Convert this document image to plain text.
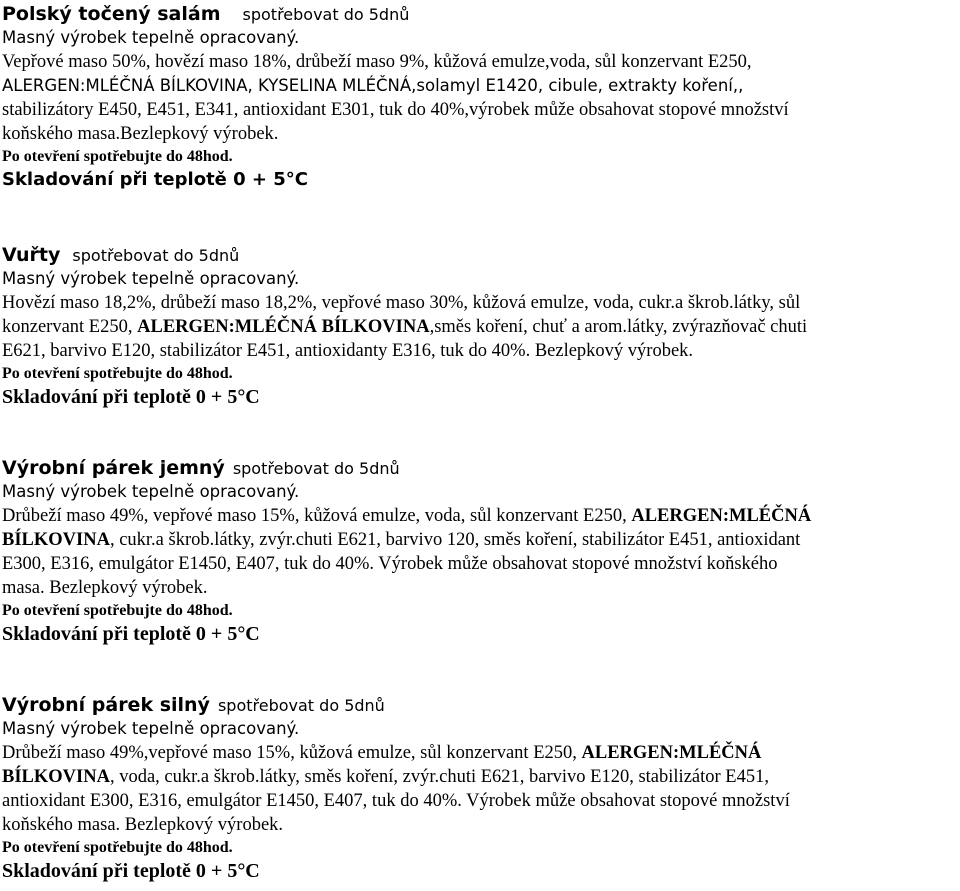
Polský točený salám spotřebovat do 5dnů
Masný výrobek tepelně opracovaný.
Vepřové maso 50%, hovězí maso 18%, drůbeží maso 9%, kůžová emulze,voda, sůl konzervant E250,
ALERGEN:MLÉČNÁ BÍLKOVINA, KYSELINA MLÉČNÁ,solamyl E1420, cibule, extrakty koření,,
stabilizátory E450, E451, E341, antioxidant E301, tuk do 40%,výrobek může obsahovat stopové množství
koňského masa.Bezlepkový výrobek.
Po otevření spotřebujte do 48hod.
Skladování při teplotě 0 + 5°C
Vuřty spotřebovat do 5dnů
Masný výrobek tepelně opracovaný.
Hovězí maso 18,2%, drůbeží maso 18,2%, vepřové maso 30%, kůžová emulze, voda, cukr.a škrob.látky, sůl
konzervant E250, ALERGEN:MLÉČNÁ BÍLKOVINA,směs koření, chuť a arom.látky, zvýrazňovač chuti
E621, barvivo E120, stabilizátor E451, antioxidanty E316, tuk do 40%. Bezlepkový výrobek.
Po otevření spotřebujte do 48hod.
Skladování při teplotě 0 + 5°C
Výrobní párek jemný spotřebovat do 5dnů
Masný výrobek tepelně opracovaný.
Drůbeží maso 49%, vepřové maso 15%, kůžová emulze, voda, sůl konzervant E250, ALERGEN:MLÉČNÁ
BÍLKOVINA, cukr.a škrob.látky, zvýr.chuti E621, barvivo 120, směs koření, stabilizátor E451, antioxidant
E300, E316, emulgátor E1450, E407, tuk do 40%. Výrobek může obsahovat stopové množství koňského
masa. Bezlepkový výrobek.
Po otevření spotřebujte do 48hod.
Skladování při teplotě 0 + 5°C
Výrobní párek silný spotřebovat do 5dnů
Masný výrobek tepelně opracovaný.
Drůbeží maso 49%,vepřové maso 15%, kůžová emulze, sůl konzervant E250, ALERGEN:MLÉČNÁ
BÍLKOVINA, voda, cukr.a škrob.látky, směs koření, zvýr.chuti E621, barvivo E120, stabilizátor E451,
antioxidant E300, E316, emulgátor E1450, E407, tuk do 40%. Výrobek může obsahovat stopové množství
koňského masa. Bezlepkový výrobek.
Po otevření spotřebujte do 48hod.
Skladování při teplotě 0 + 5°C
